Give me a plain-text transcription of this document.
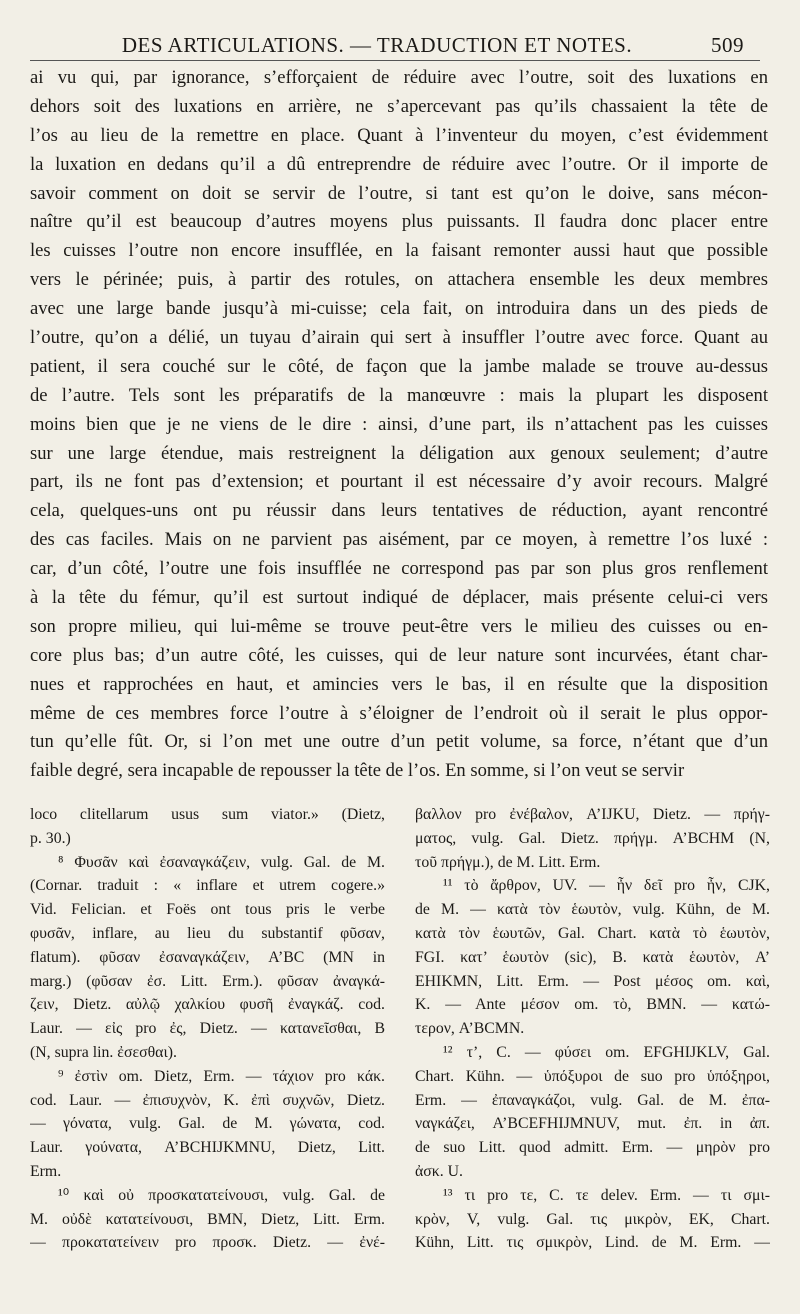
DES ARTICULATIONS. — TRADUCTION ET NOTES.	509
ai vu qui, par ignorance, s’efforçaient de réduire avec l’outre, soit des luxations en
dehors soit des luxations en arrière, ne s’apercevant pas qu’ils chassaient la tête de
l’os au lieu de la remettre en place. Quant à l’inventeur du moyen, c’est évidemment
la luxation en dedans qu’il a dû entreprendre de réduire avec l’outre. Or il importe de
savoir comment on doit se servir de l’outre, si tant est qu’on le doive, sans mécon-
naître qu’il est beaucoup d’autres moyens plus puissants. Il faudra donc placer entre
les cuisses l’outre non encore insufflée, en la faisant remonter aussi haut que possible
vers le périnée; puis, à partir des rotules, on attachera ensemble les deux membres
avec une large bande jusqu’à mi-cuisse; cela fait, on introduira dans un des pieds de
l’outre, qu’on a délié, un tuyau d’airain qui sert à insuffler l’outre avec force. Quant au
patient, il sera couché sur le côté, de façon que la jambe malade se trouve au-dessus
de l’autre. Tels sont les préparatifs de la manœuvre : mais la plupart les disposent
moins bien que je ne viens de le dire : ainsi, d’une part, ils n’attachent pas les cuisses
sur une large étendue, mais restreignent la déligation aux genoux seulement; d’autre
part, ils ne font pas d’extension; et pourtant il est nécessaire d’y avoir recours. Malgré
cela, quelques-uns ont pu réussir dans leurs tentatives de réduction, ayant rencontré
des cas faciles. Mais on ne parvient pas aisément, par ce moyen, à remettre l’os luxé :
car, d’un côté, l’outre une fois insufflée ne correspond pas par son plus gros renflement
à la tête du fémur, qu’il est surtout indiqué de déplacer, mais présente celui-ci vers
son propre milieu, qui lui-même se trouve peut-être vers le milieu des cuisses ou en-
core plus bas; d’un autre côté, les cuisses, qui de leur nature sont incurvées, étant char-
nues et rapprochées en haut, et amincies vers le bas, il en résulte que la disposition
même de ces membres force l’outre à s’éloigner de l’endroit où il serait le plus oppor-
tun qu’elle fût. Or, si l’on met une outre d’un petit volume, sa force, n’étant que d’un
faible degré, sera incapable de repousser la tête de l’os. En somme, si l’on veut se servir
loco clitellarum usus sum viator.» (Dietz,
p. 30.)
⁸ Φυσᾶν καὶ ἐσαναγκάζειν, vulg. Gal. de M.
(Cornar. traduit : « inflare et utrem cogere.»
Vid. Felician. et Foës ont tous pris le verbe
φυσᾶν, inflare, au lieu du substantif φῦσαν,
flatum). φῦσαν ἐσαναγκάζειν, A’BC (MN in
marg.) (φῦσαν ἐσ. Litt. Erm.). φῦσαν ἀναγκά-
ζειν, Dietz. αὐλῷ χαλκίου φυσῆ ἐναγκάζ. cod.
Laur. — εἰς pro ἐς, Dietz. — κατανεῖσθαι, B
(N, supra lin. ἐσεσθαι).
⁹ ἐστὶν om. Dietz, Erm. — τάχιον pro κάκ.
cod. Laur. — ἐπισυχνὸν, K. ἐπὶ συχνῶν, Dietz.
— γόνατα, vulg. Gal. de M. γώνατα, cod.
Laur. γούνατα, A’BCHIJKMNU, Dietz, Litt.
Erm.
¹⁰ καὶ οὐ προσκατατείνουσι, vulg. Gal. de
M. οὐδὲ κατατείνουσι, BMN, Dietz, Litt. Erm.
— προκατατείνειν pro προσκ. Dietz. — ἐνέ-
βαλλον pro ἐνέβαλον, A’IJKU, Dietz. — πρήγ-
ματος, vulg. Gal. Dietz. πρήγμ. A’BCHM (N,
τοῦ πρήγμ.), de M. Litt. Erm.
¹¹ τὸ ἄρθρον, UV. — ἦν δεῖ pro ἦν, CJK,
de M. — κατὰ τὸν ἑωυτὸν, vulg. Kühn, de M.
κατὰ τὸν ἑωυτῶν, Gal. Chart. κατὰ τὸ ἑωυτὸν,
FGI. κατ’ ἑωυτὸν (sic), B. κατὰ ἑωυτὸν, A’
EHIKMN, Litt. Erm. — Post μέσος om. καὶ,
K. — Ante μέσον om. τὸ, BMN. — κατώ-
τερον, A’BCMN.
¹² τ’, C. — φύσει om. EFGHIJKLV, Gal.
Chart. Kühn. — ὑπόξυροι de suo pro ὑπόξηροι,
Erm. — ἐπαναγκάζοι, vulg. Gal. de M. ἐπα-
ναγκάζει, A’BCEFHIJMNUV, mut. ἐπ. in ἀπ.
de suo Litt. quod admitt. Erm. — μηρὸν pro
ἀσκ. U.
¹³ τι pro τε, C. τε delev. Erm. — τι σμι-
κρὸν, V, vulg. Gal. τις μικρὸν, EK, Chart.
Kühn, Litt. τις σμικρὸν, Lind. de M. Erm. —
